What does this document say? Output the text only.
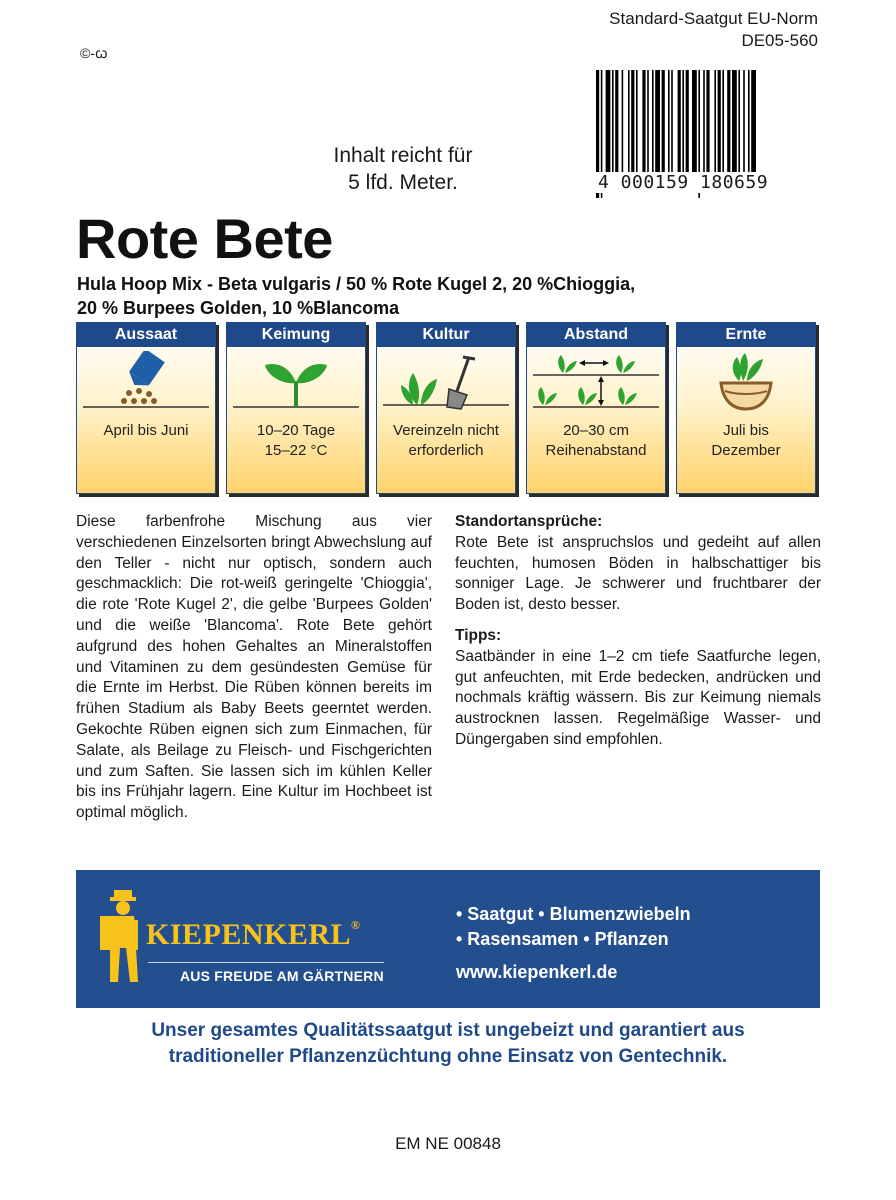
Standard-Saatgut EU-Norm
DE05-560
©-ꞷ
Inhalt reicht für
5 lfd. Meter.	4 000159 180659
Rote Bete
Hula Hoop Mix - Beta vulgaris / 50 % Rote Kugel 2, 20 %Chioggia,
20 % Burpees Golden, 10 %Blancoma
Aussaat
April bis Juni
Keimung
10–20 Tage
15–22 °C
Kultur
Vereinzeln nicht
erforderlich
Abstand
20–30 cm
Reihenabstand
Ernte
Juli bis
Dezember
Diese farbenfrohe Mischung aus vier verschiedenen Einzelsorten bringt Abwechslung auf den Teller - nicht nur optisch, sondern auch geschmacklich: Die rot-weiß geringelte 'Chioggia', die rote 'Rote Kugel 2', die gelbe 'Burpees Golden' und die weiße 'Blancoma'. Rote Bete gehört aufgrund des hohen Gehaltes an Mineralstoffen und Vitaminen zu dem gesündesten Gemüse für die Ernte im Herbst. Die Rüben können bereits im frühen Stadium als Baby Beets geerntet werden. Gekochte Rüben eignen sich zum Einmachen, für Salate, als Beilage zu Fleisch- und Fischgerichten und zum Saften. Sie lassen sich im kühlen Keller bis ins Frühjahr lagern. Eine Kultur im Hochbeet ist optimal möglich.
Standortansprüche:

Rote Bete ist anspruchslos und gedeiht auf allen feuchten, humosen Böden in halbschattiger bis sonniger Lage. Je schwerer und fruchtbarer der Boden ist, desto besser.

Tipps:

Saatbänder in eine 1–2 cm tiefe Saatfurche legen, gut anfeuchten, mit Erde bedecken, andrücken und nochmals kräftig wässern. Bis zur Keimung niemals austrocknen lassen. Regelmäßige Wasser- und Düngergaben sind empfohlen.

KIEPENKERL®
AUS FREUDE AM GÄRTNERN
• Saatgut • Blumenzwiebeln
• Rasensamen • Pflanzen
www.kiepenkerl.de
Unser gesamtes Qualitätssaatgut ist ungebeizt und garantiert aus
traditioneller Pflanzenzüchtung ohne Einsatz von Gentechnik.
EM NE 00848
